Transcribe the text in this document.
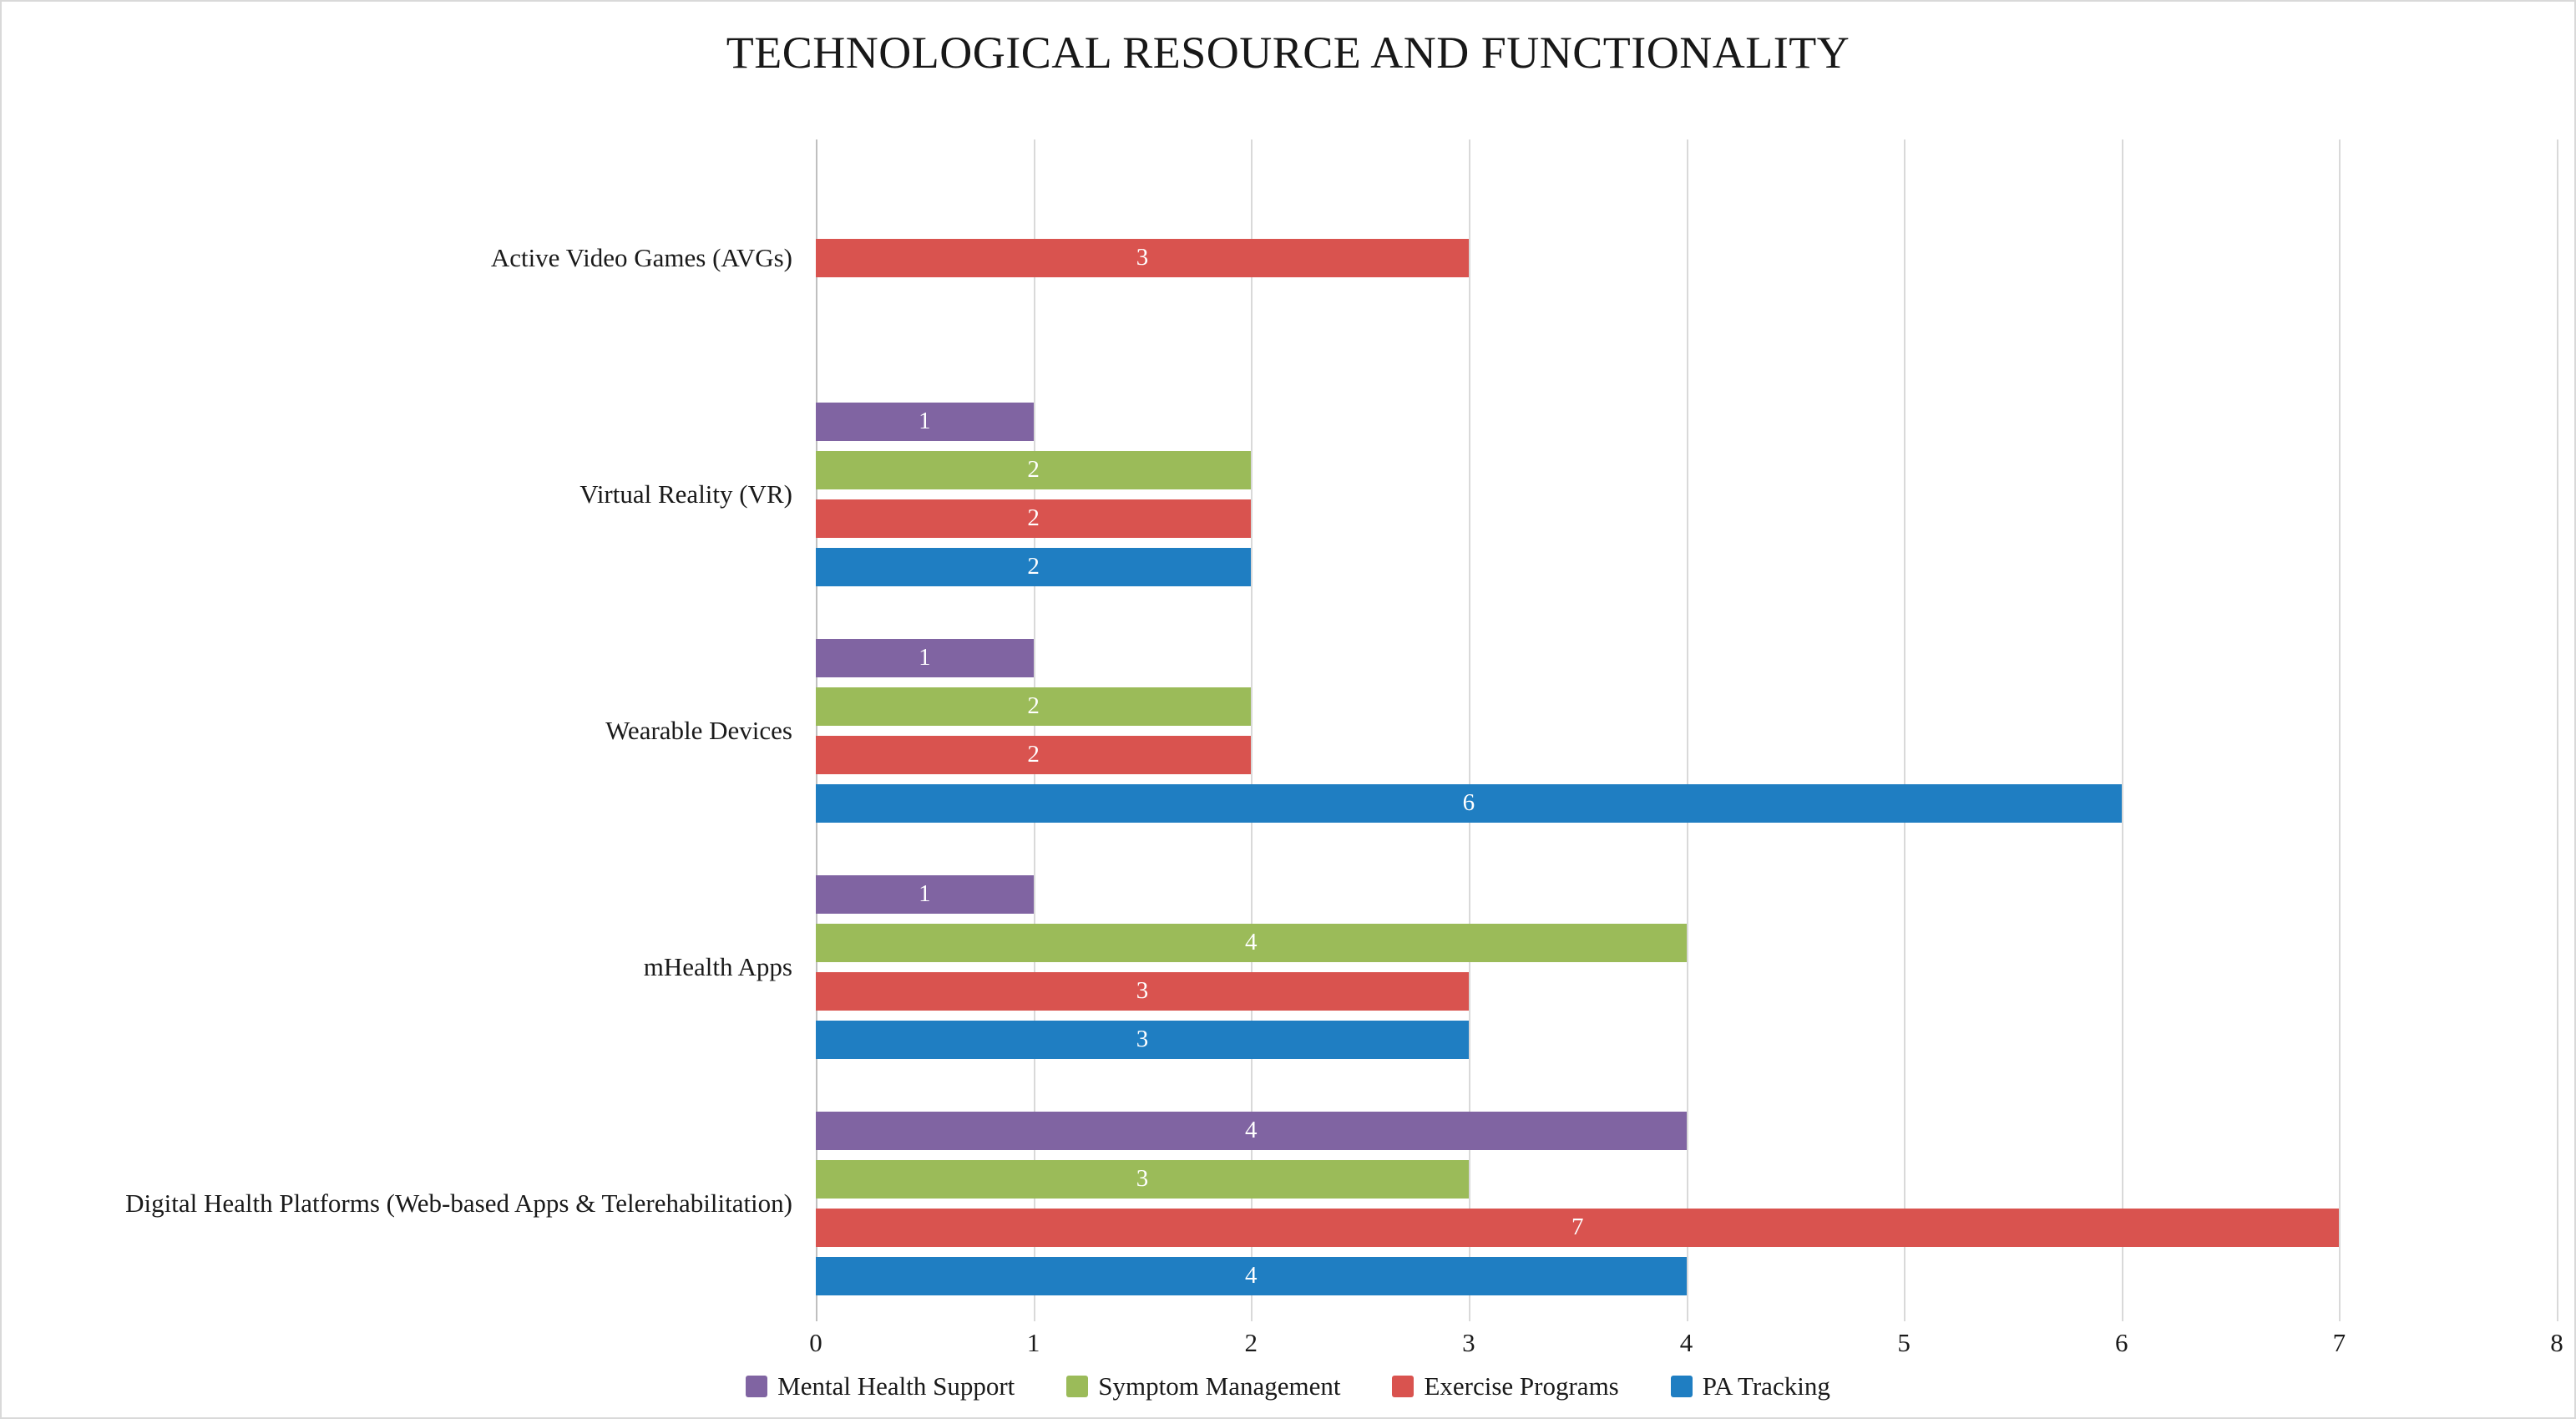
TECHNOLOGICAL RESOURCE AND FUNCTIONALITY
Active Video Games (AVGs)
Virtual Reality (VR)
Wearable Devices
mHealth Apps
Digital Health Platforms (Web-based Apps & Telerehabilitation)
3
1
2
2
2
1
2
2
6
1
4
3
3
4
3
7
4
0	1	2	3	4	5	6	7	8
Mental Health Support	Symptom Management	Exercise Programs	PA Tracking
